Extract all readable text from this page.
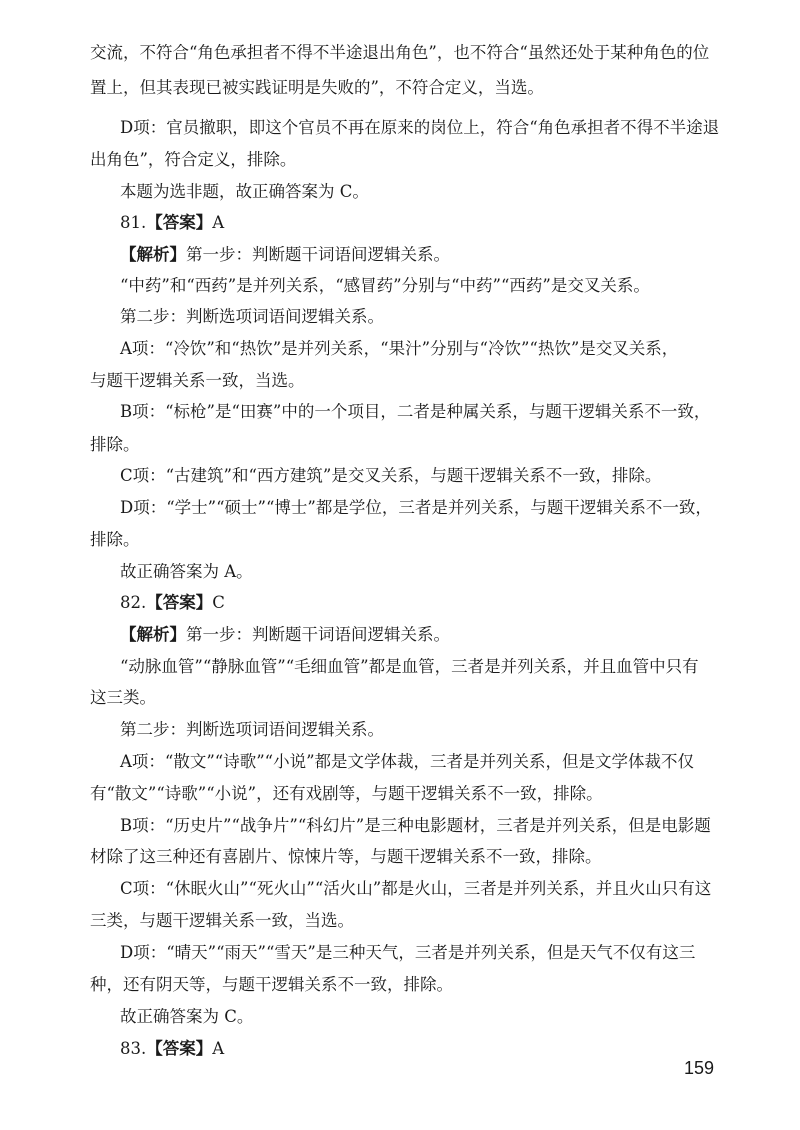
交流，不符合“角色承担者不得不半途退出角色”，也不符合“虽然还处于某种角色的位
置上，但其表现已被实践证明是失败的”，不符合定义，当选。
D项：官员撤职，即这个官员不再在原来的岗位上，符合“角色承担者不得不半途退
出角色”，符合定义，排除。
本题为选非题，故正确答案为 C。
81.【答案】A
【解析】第一步：判断题干词语间逻辑关系。
“中药”和“西药”是并列关系，“感冒药”分别与“中药”“西药”是交叉关系。
第二步：判断选项词语间逻辑关系。
A项：“冷饮”和“热饮”是并列关系，“果汁”分别与“冷饮”“热饮”是交叉关系，
与题干逻辑关系一致，当选。
B项：“标枪”是“田赛”中的一个项目，二者是种属关系，与题干逻辑关系不一致，
排除。
C项：“古建筑”和“西方建筑”是交叉关系，与题干逻辑关系不一致，排除。
D项：“学士”“硕士”“博士”都是学位，三者是并列关系，与题干逻辑关系不一致，
排除。
故正确答案为 A。
82.【答案】C
【解析】第一步：判断题干词语间逻辑关系。
“动脉血管”“静脉血管”“毛细血管”都是血管，三者是并列关系，并且血管中只有
这三类。
第二步：判断选项词语间逻辑关系。
A项：“散文”“诗歌”“小说”都是文学体裁，三者是并列关系，但是文学体裁不仅
有“散文”“诗歌”“小说”，还有戏剧等，与题干逻辑关系不一致，排除。
B项：“历史片”“战争片”“科幻片”是三种电影题材，三者是并列关系，但是电影题
材除了这三种还有喜剧片、惊悚片等，与题干逻辑关系不一致，排除。
C项：“休眠火山”“死火山”“活火山”都是火山，三者是并列关系，并且火山只有这
三类，与题干逻辑关系一致，当选。
D项：“晴天”“雨天”“雪天”是三种天气，三者是并列关系，但是天气不仅有这三
种，还有阴天等，与题干逻辑关系不一致，排除。
故正确答案为 C。
83.【答案】A
159
